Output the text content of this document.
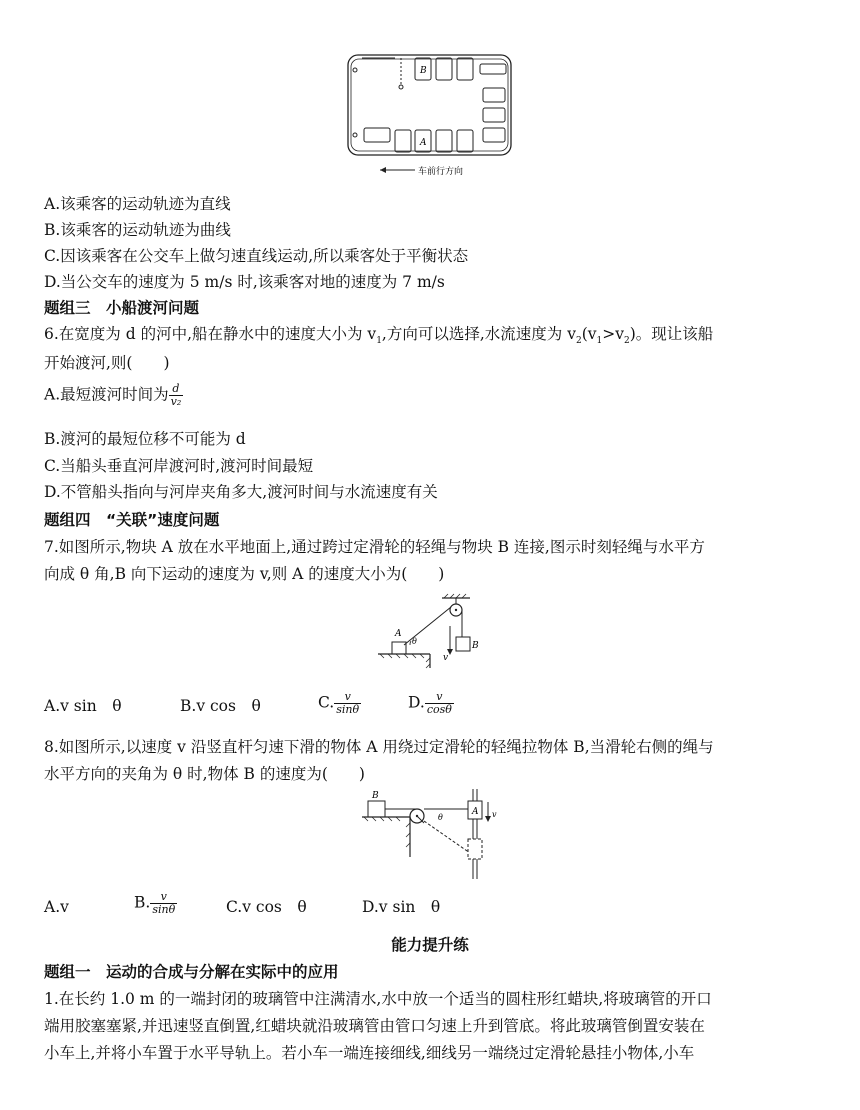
B
A
车前行方向
A.该乘客的运动轨迹为直线
B.该乘客的运动轨迹为曲线
C.因该乘客在公交车上做匀速直线运动,所以乘客处于平衡状态
D.当公交车的速度为 5 m/s 时,该乘客对地的速度为 7 m/s
题组三　小船渡河问题
6.在宽度为 d 的河中,船在静水中的速度大小为 $v_1$,方向可以选择,水流速度为 $v_2(v_1>v_2)$。现让该船
开始渡河,则(　　)
A.最短渡河时间为 $\frac{d}{\text{v₂}}$
B.渡河的最短位移不可能为 d
C.当船头垂直河岸渡河时,渡河时间最短
D.不管船头指向与河岸夹角多大,渡河时间与水流速度有关
题组四　“关联”速度问题
7.如图所示,物块 A 放在水平地面上,通过跨过定滑轮的轻绳与物块 B 连接,图示时刻轻绳与水平方
向成 θ 角,B 向下运动的速度为 v,则 A 的速度大小为(　　)
B
v
A
θ
A.v sin　θ	B.v cos　θ	C. $\frac{v}{\sin\theta}$	D. $\frac{v}{\cos\theta}$
8.如图所示,以速度 v 沿竖直杆匀速下滑的物体 A 用绕过定滑轮的轻绳拉物体 B,当滑轮右侧的绳与
水平方向的夹角为 θ 时,物体 B 的速度为(　　)
B
θ
A v
A.v	B. $\frac{v}{\sin\theta}$	C.v cos　θ	D.v sin　θ
能力提升练
题组一　运动的合成与分解在实际中的应用
1.在长约 1.0 m 的一端封闭的玻璃管中注满清水,水中放一个适当的圆柱形红蜡块,将玻璃管的开口
端用胶塞塞紧,并迅速竖直倒置,红蜡块就沿玻璃管由管口匀速上升到管底。将此玻璃管倒置安装在
小车上,并将小车置于水平导轨上。若小车一端连接细线,细线另一端绕过定滑轮悬挂小物体,小车
